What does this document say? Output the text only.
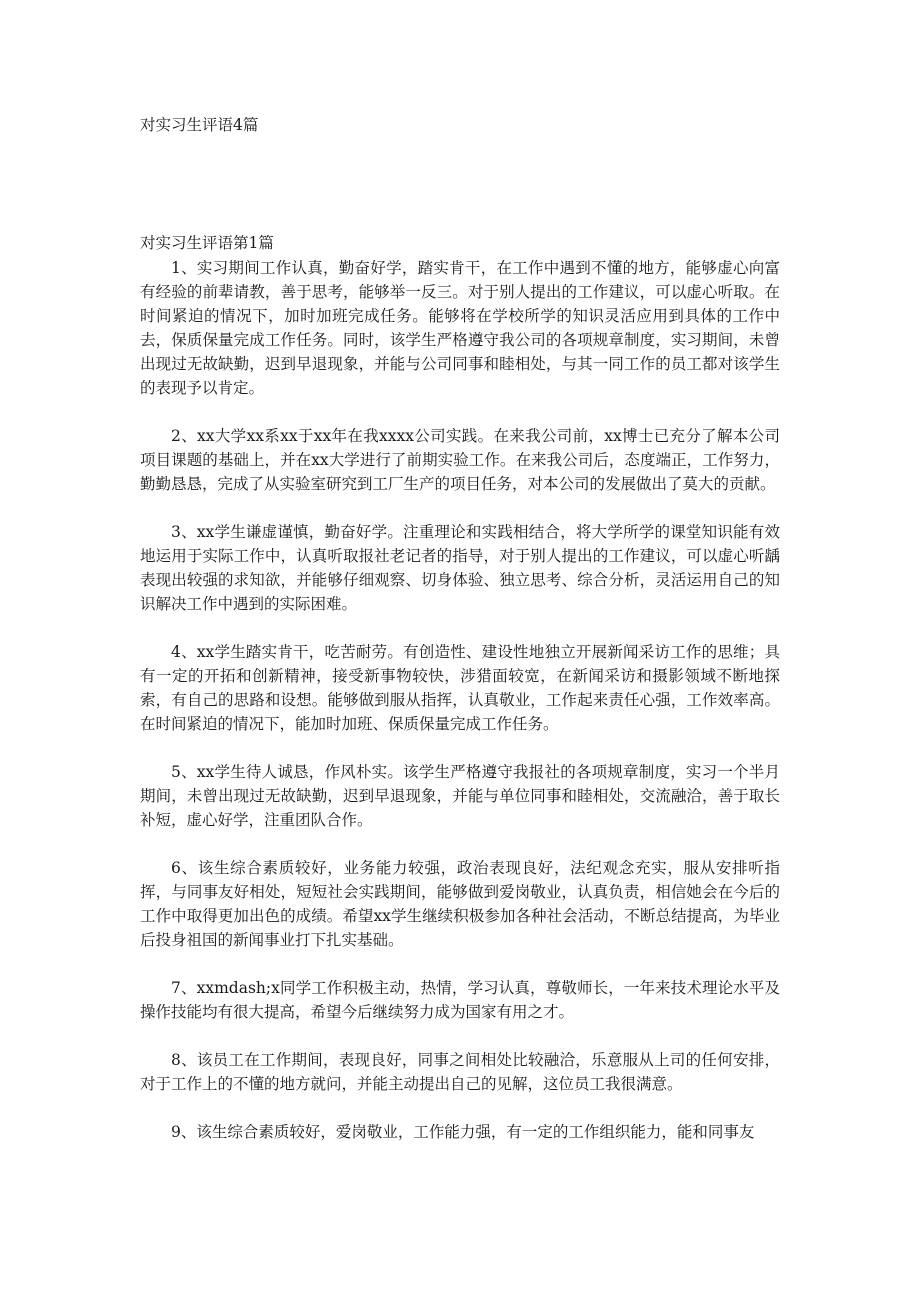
对实习生评语4篇
对实习生评语第1篇

1、实习期间工作认真，勤奋好学，踏实肯干，在工作中遇到不懂的地方，能够虚心向富有经验的前辈请教，善于思考，能够举一反三。对于别人提出的工作建议，可以虚心听取。在时间紧迫的情况下，加时加班完成任务。能够将在学校所学的知识灵活应用到具体的工作中去，保质保量完成工作任务。同时，该学生严格遵守我公司的各项规章制度，实习期间，未曾出现过无故缺勤，迟到早退现象，并能与公司同事和睦相处，与其一同工作的员工都对该学生的表现予以肯定。

2、xx大学xx系xx于xx年在我xxxx公司实践。在来我公司前，xx博士已充分了解本公司项目课题的基础上，并在xx大学进行了前期实验工作。在来我公司后，态度端正，工作努力，勤勤恳恳，完成了从实验室研究到工厂生产的项目任务，对本公司的发展做出了莫大的贡献。

3、xx学生谦虚谨慎，勤奋好学。注重理论和实践相结合，将大学所学的课堂知识能有效地运用于实际工作中，认真听取报社老记者的指导，对于别人提出的工作建议，可以虚心听龋表现出较强的求知欲，并能够仔细观察、切身体验、独立思考、综合分析，灵活运用自己的知识解决工作中遇到的实际困难。

4、xx学生踏实肯干，吃苦耐劳。有创造性、建设性地独立开展新闻采访工作的思维；具有一定的开拓和创新精神，接受新事物较快，涉猎面较宽，在新闻采访和摄影领域不断地探索，有自己的思路和设想。能够做到服从指挥，认真敬业，工作起来责任心强，工作效率高。在时间紧迫的情况下，能加时加班、保质保量完成工作任务。

5、xx学生待人诚恳，作风朴实。该学生严格遵守我报社的各项规章制度，实习一个半月期间，未曾出现过无故缺勤，迟到早退现象，并能与单位同事和睦相处，交流融洽，善于取长补短，虚心好学，注重团队合作。

6、该生综合素质较好，业务能力较强，政治表现良好，法纪观念充实，服从安排听指挥，与同事友好相处，短短社会实践期间，能够做到爱岗敬业，认真负责，相信她会在今后的工作中取得更加出色的成绩。希望xx学生继续积极参加各种社会活动，不断总结提高，为毕业后投身祖国的新闻事业打下扎实基础。

7、xxmdash;x同学工作积极主动，热情，学习认真，尊敬师长，一年来技术理论水平及操作技能均有很大提高，希望今后继续努力成为国家有用之才。

8、该员工在工作期间，表现良好，同事之间相处比较融洽，乐意服从上司的任何安排，对于工作上的不懂的地方就问，并能主动提出自己的见解，这位员工我很满意。

9、该生综合素质较好，爱岗敬业，工作能力强，有一定的工作组织能力，能和同事友
